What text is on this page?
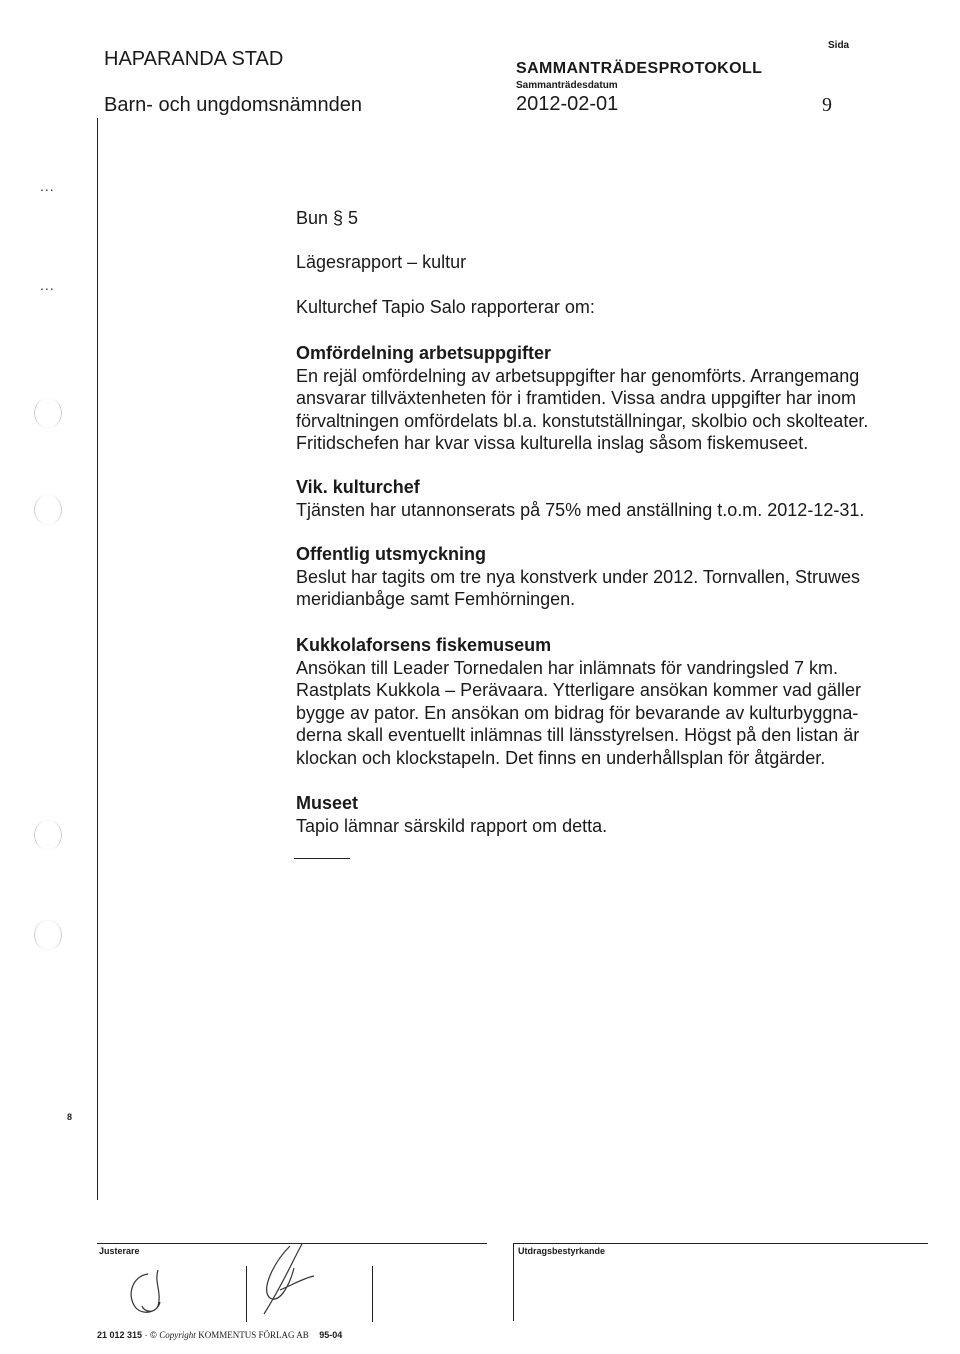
HAPARANDA STAD
Barn- och ungdomsnämnden
SAMMANTRÄDESPROTOKOLL
Sammanträdesdatum
2012-02-01
Sida
9
...
...
Bun § 5
Lägesrapport – kultur
Kulturchef Tapio Salo rapporterar om:

Omfördelning arbetsuppgifter

En rejäl omfördelning av arbetsuppgifter har genomförts. Arrangemang

ansvarar tillväxtenheten för i framtiden. Vissa andra uppgifter har inom

förvaltningen omfördelats bl.a. konstutställningar, skolbio och skolteater.

Fritidschefen har kvar vissa kulturella inslag såsom fiskemuseet.

Vik. kulturchef

Tjänsten har utannonserats på 75% med anställning t.o.m. 2012-12-31.

Offentlig utsmyckning

Beslut har tagits om tre nya konstverk under 2012. Tornvallen, Struwes

meridianbåge samt Femhörningen.

Kukkolaforsens fiskemuseum

Ansökan till Leader Tornedalen har inlämnats för vandringsled 7 km.

Rastplats Kukkola – Perävaara. Ytterligare ansökan kommer vad gäller

bygge av pator. En ansökan om bidrag för bevarande av kulturbyggna-

derna skall eventuellt inlämnas till länsstyrelsen. Högst på den listan är

klockan och klockstapeln. Det finns en underhållsplan för åtgärder.

Museet

Tapio lämnar särskild rapport om detta.

8
Justerare	Utdragsbestyrkande
21 012 315 · © Copyright KOMMENTUS FÖRLAG AB 95-04
